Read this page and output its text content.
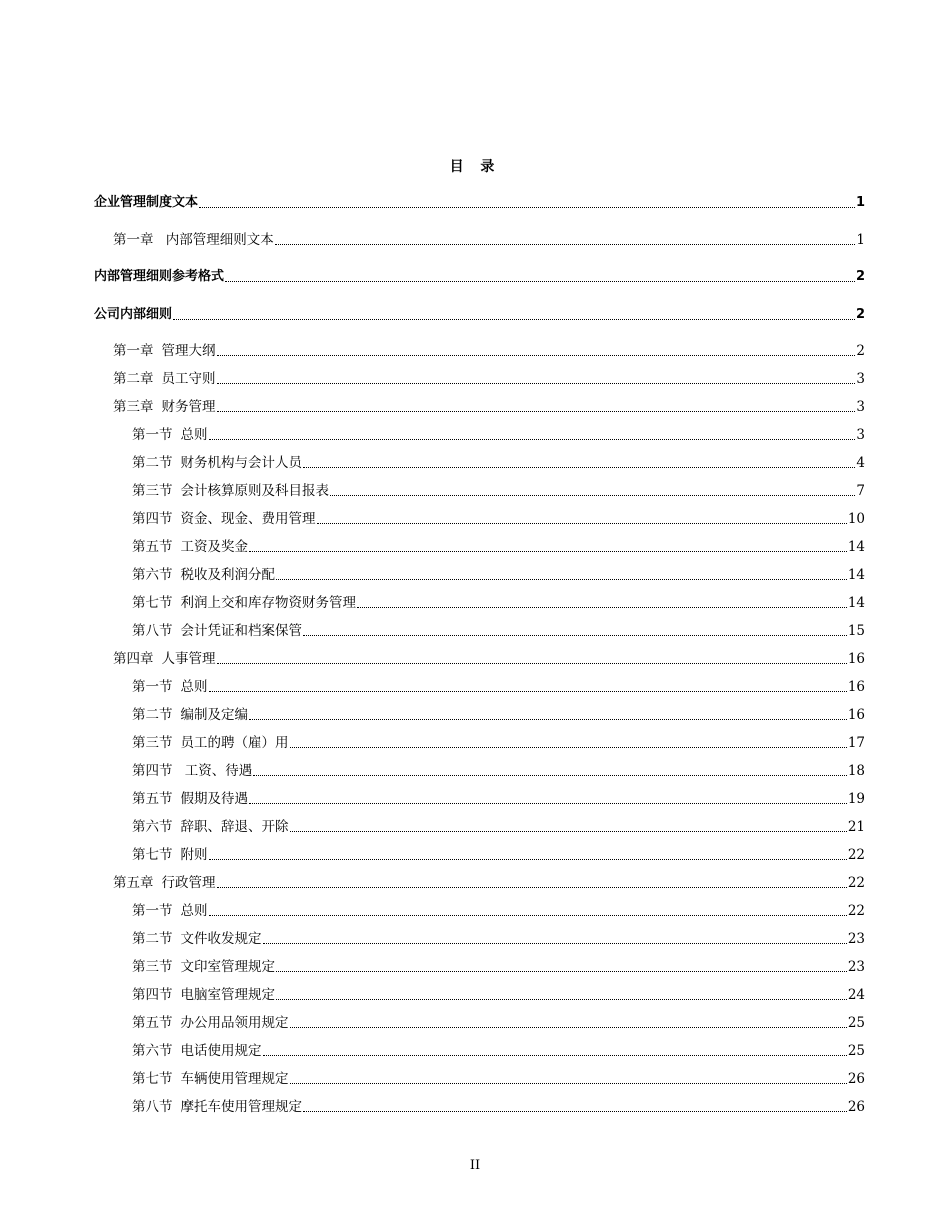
目 录
企业管理制度文本	1
第一章 内部管理细则文本	1
内部管理细则参考格式	2
公司内部细则	2
第一章 管理大纲	2
第二章 员工守则	3
第三章 财务管理	3
第一节 总则	3
第二节 财务机构与会计人员	4
第三节 会计核算原则及科目报表	7
第四节 资金、现金、费用管理	10
第五节 工资及奖金	14
第六节 税收及利润分配	14
第七节 利润上交和库存物资财务管理	14
第八节 会计凭证和档案保管	15
第四章 人事管理	16
第一节 总则	16
第二节 编制及定编	16
第三节 员工的聘（雇）用	17
第四节 工资、待遇	18
第五节 假期及待遇	19
第六节 辞职、辞退、开除	21
第七节 附则	22
第五章 行政管理	22
第一节 总则	22
第二节 文件收发规定	23
第三节 文印室管理规定	23
第四节 电脑室管理规定	24
第五节 办公用品领用规定	25
第六节 电话使用规定	25
第七节 车辆使用管理规定	26
第八节 摩托车使用管理规定	26
II
